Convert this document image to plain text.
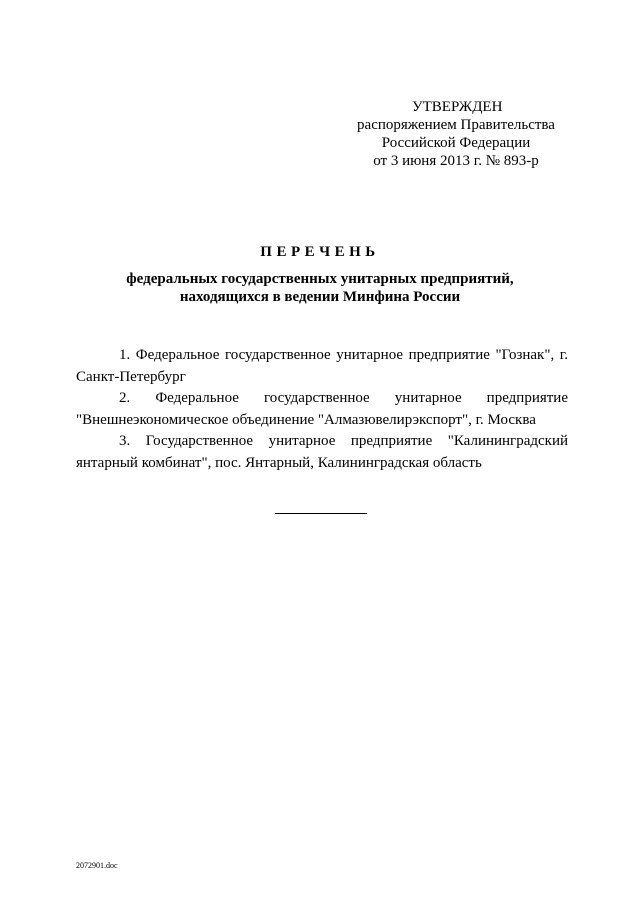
УТВЕРЖДЕН
распоряжением Правительства
Российской Федерации
от 3 июня 2013 г. № 893-р
ПЕРЕЧЕНЬ
федеральных государственных унитарных предприятий,
находящихся в ведении Минфина России
1. Федеральное государственное унитарное предприятие "Гознак", г. Санкт-Петербург
2. Федеральное государственное унитарное предприятие "Внешнеэкономическое объединение "Алмазювелирэкспорт", г. Москва
3. Государственное унитарное предприятие "Калининградский янтарный комбинат", пос. Янтарный, Калининградская область
2072901.doc
